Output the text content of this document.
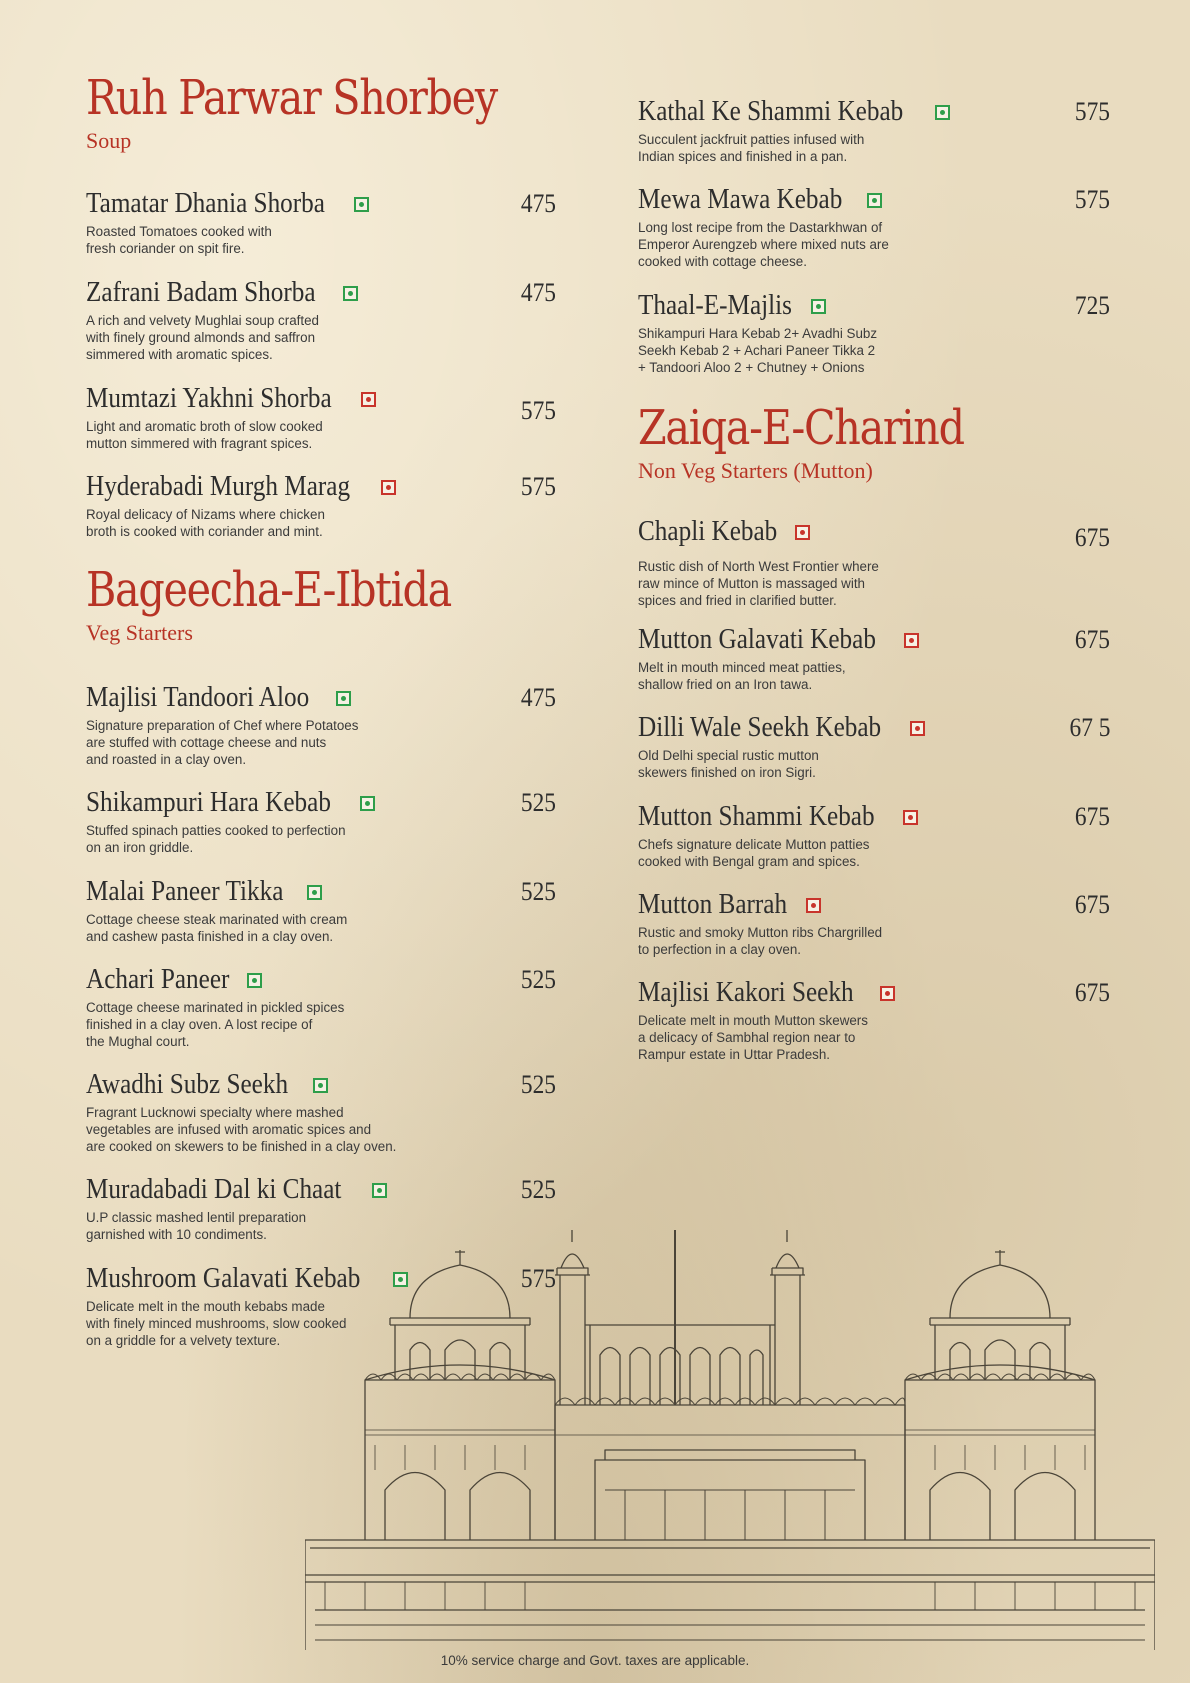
Ruh Parwar Shorbey
Soup
Tamatar Dhania Shorba	475
Roasted Tomatoes cooked with
fresh coriander on spit fire.
Zafrani Badam Shorba	475
A rich and velvety Mughlai soup crafted
with finely ground almonds and saffron
simmered with aromatic spices.
Mumtazi Yakhni Shorba	575
Light and aromatic broth of slow cooked
mutton simmered with fragrant spices.
Hyderabadi Murgh Marag	575
Royal delicacy of Nizams where chicken
broth is cooked with coriander and mint.
Bageecha-E-Ibtida
Veg Starters
Majlisi Tandoori Aloo	475
Signature preparation of Chef where Potatoes
are stuffed with cottage cheese and nuts
and roasted in a clay oven.
Shikampuri Hara Kebab	525
Stuffed spinach patties cooked to perfection
on an iron griddle.
Malai Paneer Tikka	525
Cottage cheese steak marinated with cream
and cashew pasta finished in a clay oven.
Achari Paneer	525
Cottage cheese marinated in pickled spices
finished in a clay oven. A lost recipe of
the Mughal court.
Awadhi Subz Seekh	525
Fragrant Lucknowi specialty where mashed
vegetables are infused with aromatic spices and
are cooked on skewers to be finished in a clay oven.
Muradabadi Dal ki Chaat	525
U.P classic mashed lentil preparation
garnished with 10 condiments.
Mushroom Galavati Kebab	575
Delicate melt in the mouth kebabs made
with finely minced mushrooms, slow cooked
on a griddle for a velvety texture.
Kathal Ke Shammi Kebab	575
Succulent jackfruit patties infused with
Indian spices and finished in a pan.
Mewa Mawa Kebab	575
Long lost recipe from the Dastarkhwan of
Emperor Aurengzeb where mixed nuts are
cooked with cottage cheese.
Thaal-E-Majlis	725
Shikampuri Hara Kebab 2+ Avadhi Subz
Seekh Kebab 2 + Achari Paneer Tikka 2
+ Tandoori Aloo 2 + Chutney + Onions
Zaiqa-E-Charind
Non Veg Starters (Mutton)
Chapli Kebab	675
Rustic dish of North West Frontier where
raw mince of Mutton is massaged with
spices and fried in clarified butter.
Mutton Galavati Kebab	675
Melt in mouth minced meat patties,
shallow fried on an Iron tawa.
Dilli Wale Seekh Kebab	67 5
Old Delhi special rustic mutton
skewers finished on iron Sigri.
Mutton Shammi Kebab	675
Chefs signature delicate Mutton patties
cooked with Bengal gram and spices.
Mutton Barrah	675
Rustic and smoky Mutton ribs Chargrilled
to perfection in a clay oven.
Majlisi Kakori Seekh	675
Delicate melt in mouth Mutton skewers
a delicacy of Sambhal region near to
Rampur estate in Uttar Pradesh.
10% service charge and Govt. taxes are applicable.
